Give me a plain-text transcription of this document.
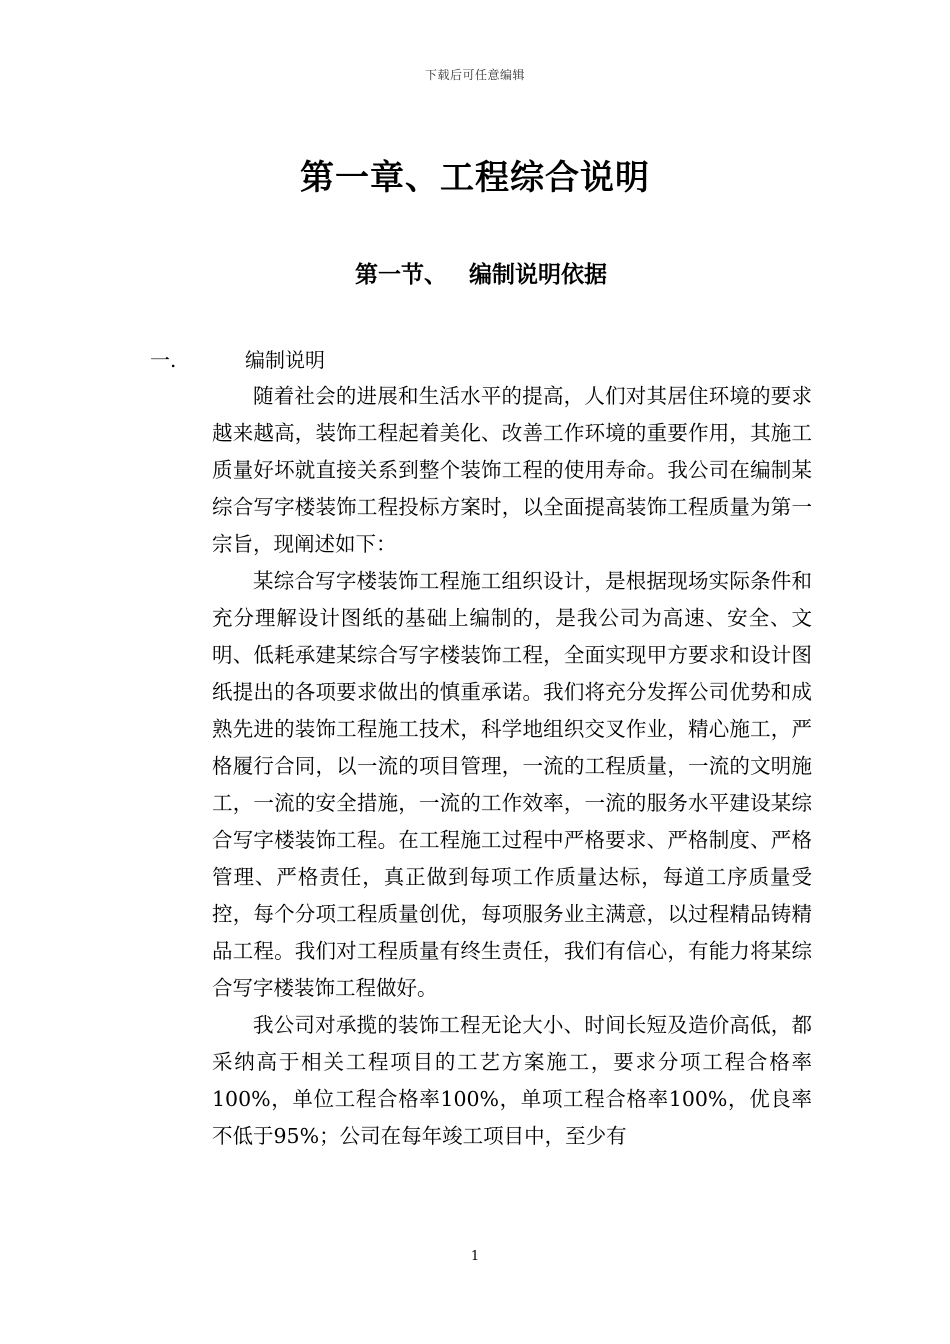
下载后可任意编辑
第一章、工程综合说明
第一节、 编制说明依据
一.	编制说明

随着社会的进展和生活水平的提高，人们对其居住环境的要求越来越高，装饰工程起着美化、改善工作环境的重要作用，其施工质量好坏就直接关系到整个装饰工程的使用寿命。我公司在编制某综合写字楼装饰工程投标方案时，以全面提高装饰工程质量为第一宗旨，现阐述如下：

某综合写字楼装饰工程施工组织设计，是根据现场实际条件和充分理解设计图纸的基础上编制的，是我公司为高速、安全、文明、低耗承建某综合写字楼装饰工程，全面实现甲方要求和设计图纸提出的各项要求做出的慎重承诺。我们将充分发挥公司优势和成熟先进的装饰工程施工技术，科学地组织交叉作业，精心施工，严格履行合同，以一流的项目管理，一流的工程质量，一流的文明施工，一流的安全措施，一流的工作效率，一流的服务水平建设某综合写字楼装饰工程。在工程施工过程中严格要求、严格制度、严格管理、严格责任，真正做到每项工作质量达标，每道工序质量受控，每个分项工程质量创优，每项服务业主满意，以过程精品铸精品工程。我们对工程质量有终生责任，我们有信心，有能力将某综合写字楼装饰工程做好。

我公司对承揽的装饰工程无论大小、时间长短及造价高低，都采纳高于相关工程项目的工艺方案施工，要求分项工程合格率100%，单位工程合格率100%，单项工程合格率100%，优良率不低于95%；公司在每年竣工项目中，至少有

1
